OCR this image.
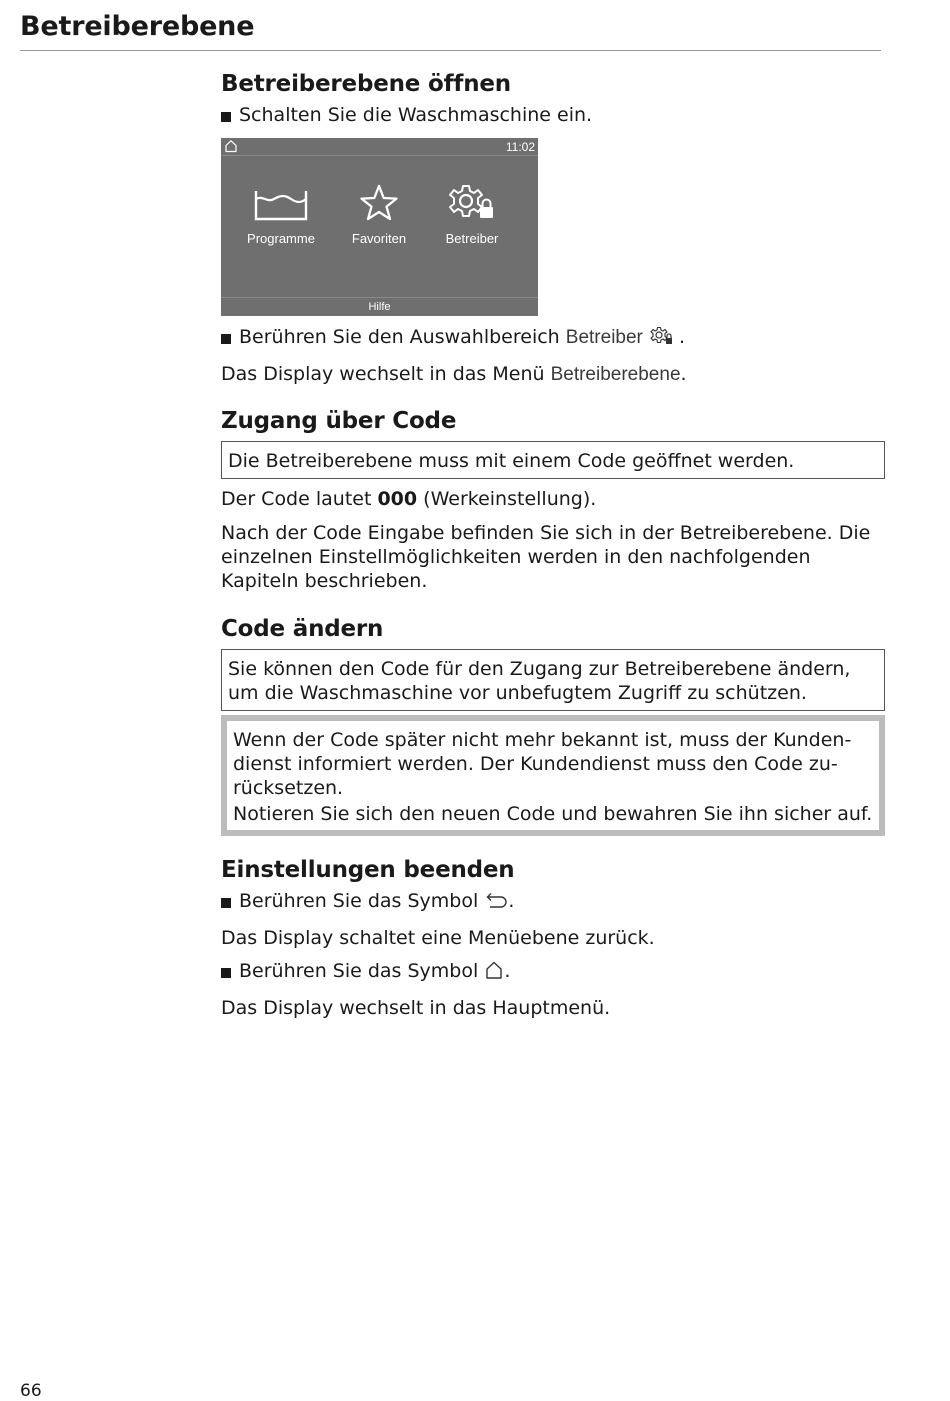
Betreiberebene
Betreiberebene öffnen
Schalten Sie die Waschmaschine ein.
11:02
Programme	Favoriten	Betreiber
Hilfe
Berühren Sie den Auswahlbereich Betreiber .

Das Display wechselt in das Menü Betreiberebene.

Zugang über Code
Die Betreiberebene muss mit einem Code geöffnet werden.

Der Code lautet 000 (Werkeinstellung).

Nach der Code Eingabe befinden Sie sich in der Betreiberebene. Die einzelnen Einstellmöglichkeiten werden in den nachfolgenden Kapiteln beschrieben.

Code ändern
Sie können den Code für den Zugang zur Betreiberebene ändern, um die Waschmaschine vor unbefugtem Zugriff zu schützen.
Wenn der Code später nicht mehr bekannt ist, muss der Kundendienst informiert werden. Der Kundendienst muss den Code zurücksetzen.
Notieren Sie sich den neuen Code und bewahren Sie ihn sicher auf.
Einstellungen beenden
Berühren Sie das Symbol .

Das Display schaltet eine Menüebene zurück.

Berühren Sie das Symbol .

Das Display wechselt in das Hauptmenü.

66
